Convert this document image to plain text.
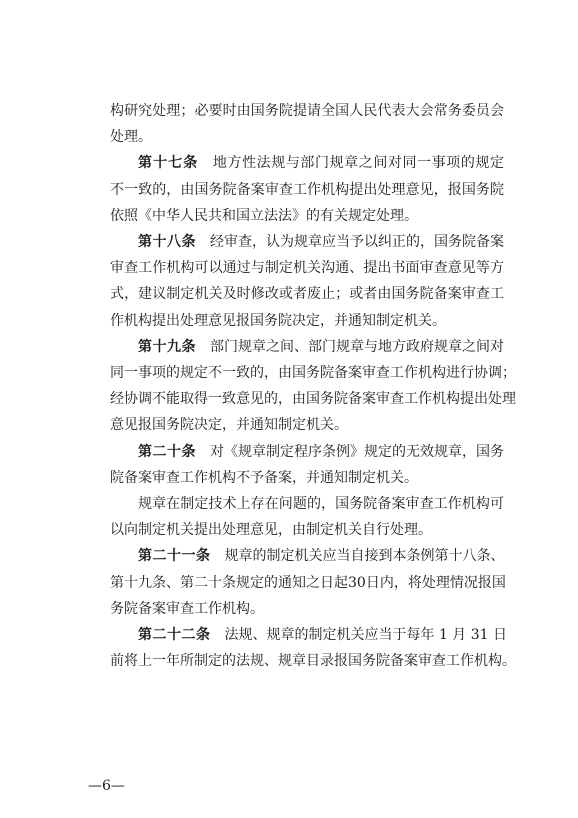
构研究处理；必要时由国务院提请全国人民代表大会常务委员会
处理。
第十七条　地方性法规与部门规章之间对同一事项的规定
不一致的，由国务院备案审查工作机构提出处理意见，报国务院
依照《中华人民共和国立法法》的有关规定处理。
第十八条　经审查，认为规章应当予以纠正的，国务院备案
审查工作机构可以通过与制定机关沟通、提出书面审查意见等方
式，建议制定机关及时修改或者废止；或者由国务院备案审查工
作机构提出处理意见报国务院决定，并通知制定机关。
第十九条　部门规章之间、部门规章与地方政府规章之间对
同一事项的规定不一致的，由国务院备案审查工作机构进行协调；
经协调不能取得一致意见的，由国务院备案审查工作机构提出处理
意见报国务院决定，并通知制定机关。
第二十条　对《规章制定程序条例》规定的无效规章，国务
院备案审查工作机构不予备案，并通知制定机关。
规章在制定技术上存在问题的，国务院备案审查工作机构可
以向制定机关提出处理意见，由制定机关自行处理。
第二十一条　规章的制定机关应当自接到本条例第十八条、
第十九条、第二十条规定的通知之日起30日内，将处理情况报国
务院备案审查工作机构。
第二十二条　法规、规章的制定机关应当于每年 1 月 31 日
前将上一年所制定的法规、规章目录报国务院备案审查工作机构。
—6—
